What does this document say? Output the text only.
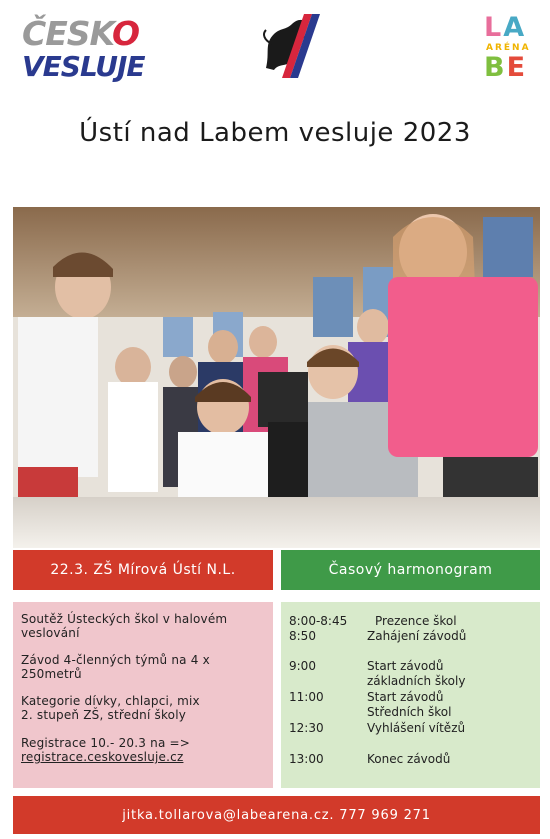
ČESKO
VESLUJE
LA
ARÉNA
BE
Ústí nad Labem vesluje 2023
22.3. ZŠ Mírová Ústí N.L.	Časový harmonogram

Soutěž Ústeckých škol v halovém veslování

Závod 4-členných týmů na 4 x 250metrů

Kategorie dívky, chlapci, mix
2. stupeň ZŠ, střední školy

Registrace 10.- 20.3 na =>
registrace.ceskovesluje.cz

8:00-8:45 Prezence škol
8:50	Zahájení závodů
9:00	Start závodů
základních školy
11:00	Start závodů
Středních škol
12:30	Vyhlášení vítězů
13:00	Konec závodů
jitka.tollarova@labearena.cz. 777 969 271
